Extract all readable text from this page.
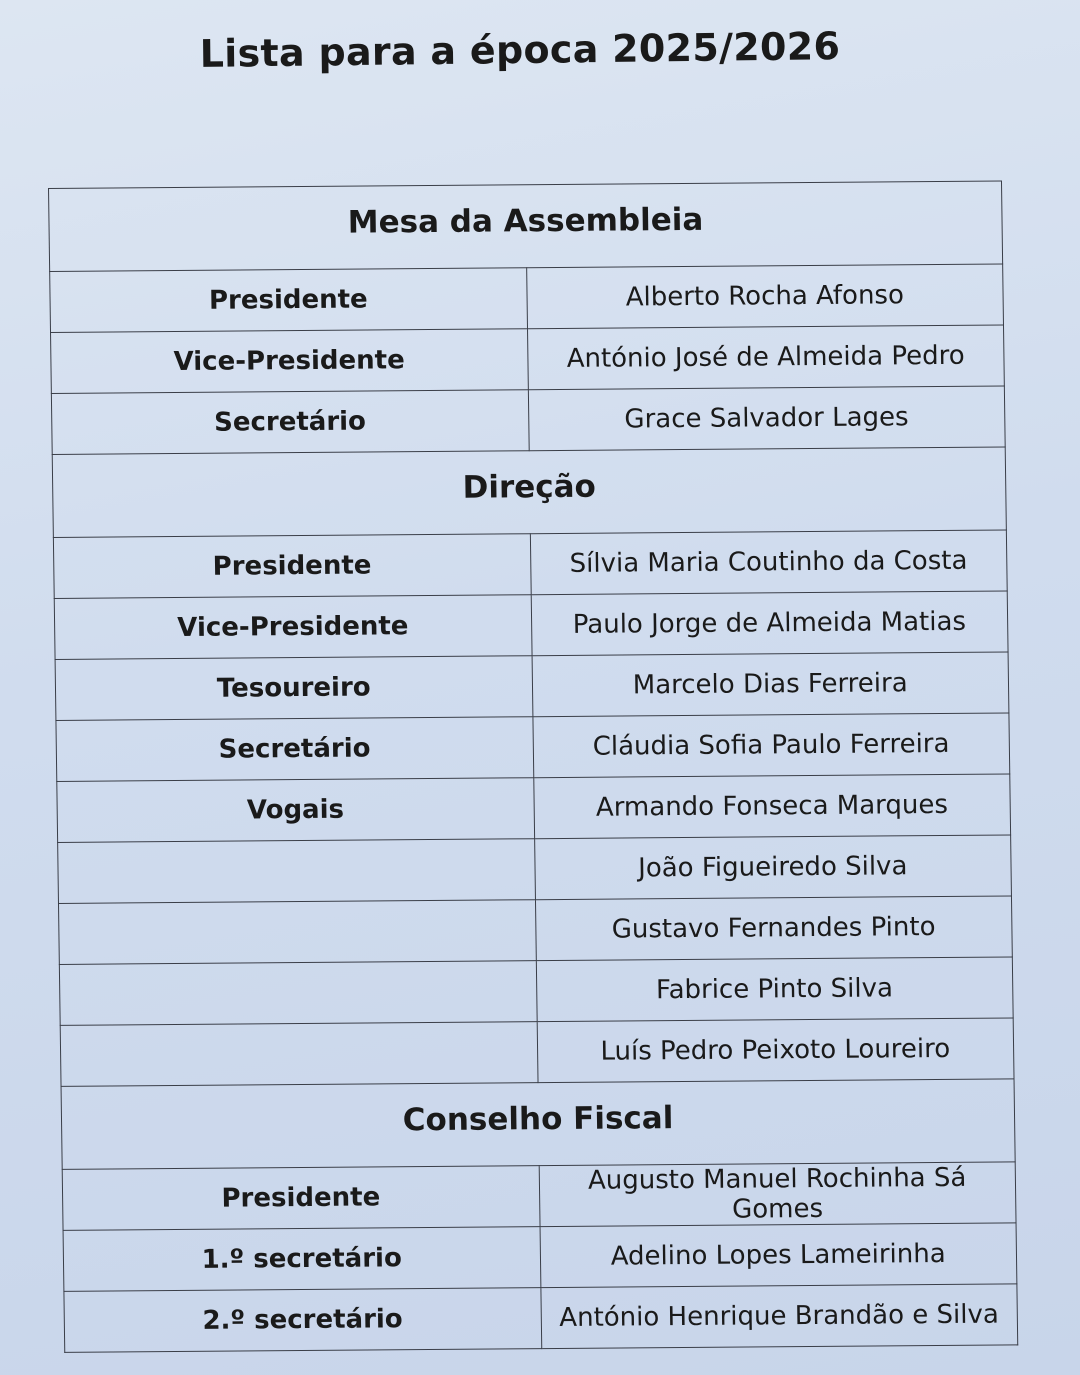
Lista para a época 2025/2026
Mesa da Assembleia	
Presidente	Alberto Rocha Afonso
Vice-Presidente	António José de Almeida Pedro
Secretário	Grace Salvador Lages
Direção	
Presidente	Sílvia Maria Coutinho da Costa
Vice-Presidente	Paulo Jorge de Almeida Matias
Tesoureiro	Marcelo Dias Ferreira
Secretário	Cláudia Sofia Paulo Ferreira
Vogais	Armando Fonseca Marques
	João Figueiredo Silva
	Gustavo Fernandes Pinto
	Fabrice Pinto Silva
	Luís Pedro Peixoto Loureiro
Conselho Fiscal	
Presidente	Augusto Manuel Rochinha Sá Gomes
1.º secretário	Adelino Lopes Lameirinha
2.º secretário	António Henrique Brandão e Silva
